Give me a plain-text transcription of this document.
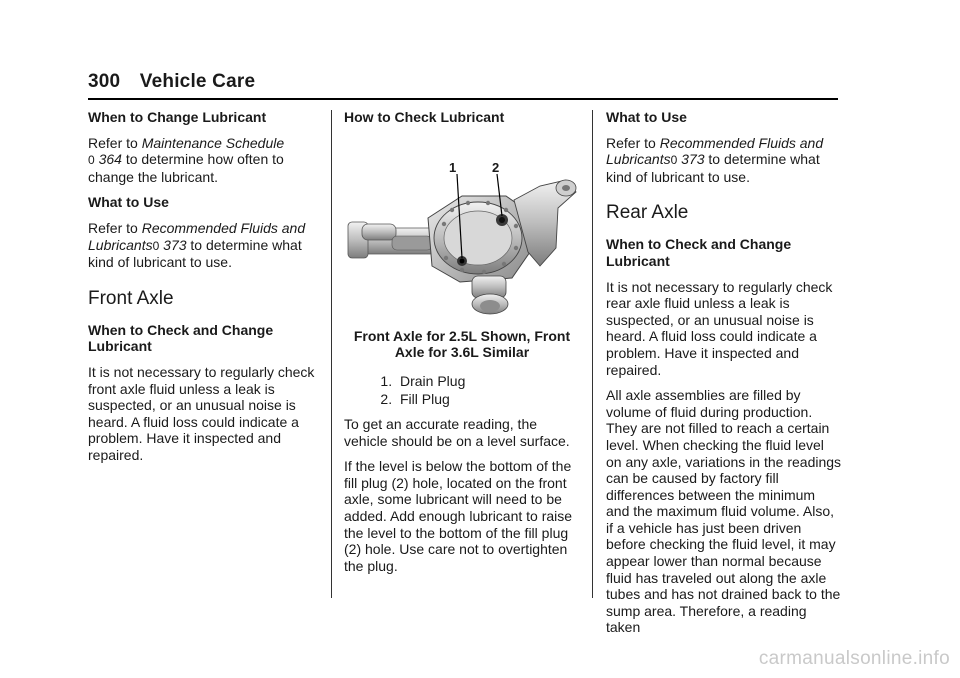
300 Vehicle Care
When to Change Lubricant

Refer to Maintenance Schedule
0 364 to determine how often to change the lubricant.

What to Use

Refer to Recommended Fluids and Lubricants0 373 to determine what kind of lubricant to use.

Front Axle
When to Check and Change Lubricant

It is not necessary to regularly check front axle fluid unless a leak is suspected, or an unusual noise is heard. A fluid loss could indicate a problem. Have it inspected and repaired.

How to Check Lubricant
1	2
Front Axle for 2.5L Shown, Front Axle for 3.6L Similar
1. Drain Plug
2. Fill Plug

To get an accurate reading, the vehicle should be on a level surface.

If the level is below the bottom of the fill plug (2) hole, located on the front axle, some lubricant will need to be added. Add enough lubricant to raise the level to the bottom of the fill plug (2) hole. Use care not to overtighten the plug.

What to Use

Refer to Recommended Fluids and Lubricants0 373 to determine what kind of lubricant to use.

Rear Axle
When to Check and Change Lubricant

It is not necessary to regularly check rear axle fluid unless a leak is suspected, or an unusual noise is heard. A fluid loss could indicate a problem. Have it inspected and repaired.

All axle assemblies are filled by volume of fluid during production. They are not filled to reach a certain level. When checking the fluid level on any axle, variations in the readings can be caused by factory fill differences between the minimum and the maximum fluid volume. Also, if a vehicle has just been driven before checking the fluid level, it may appear lower than normal because fluid has traveled out along the axle tubes and has not drained back to the sump area. Therefore, a reading taken

carmanualsonline.info
